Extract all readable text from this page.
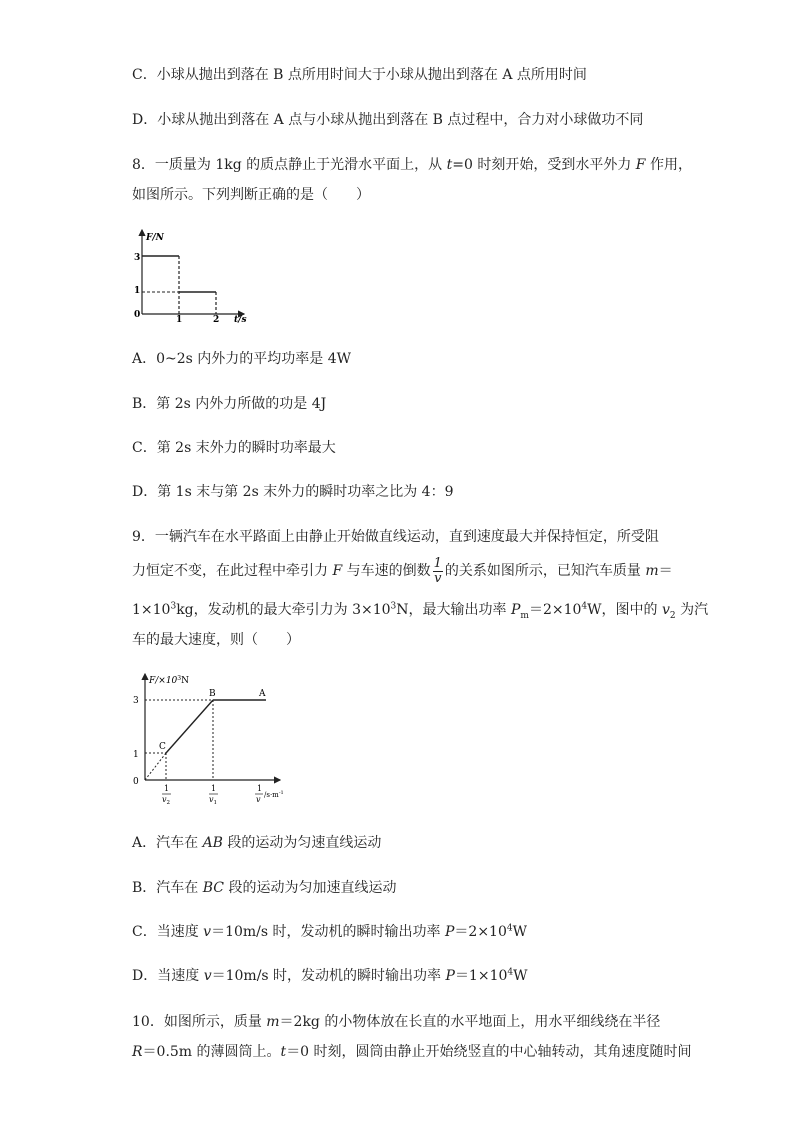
C．小球从抛出到落在 B 点所用时间大于小球从抛出到落在 A 点所用时间
D．小球从抛出到落在 A 点与小球从抛出到落在 B 点过程中，合力对小球做功不同
8．一质量为 1kg 的质点静止于光滑水平面上，从 t=0 时刻开始，受到水平外力 F 作用，
如图所示。下列判断正确的是（　　）
F/N
t/s
0	1	2
3
1
A．0~2s 内外力的平均功率是 4W
B．第 2s 内外力所做的功是 4J
C．第 2s 末外力的瞬时功率最大
D．第 1s 末与第 2s 末外力的瞬时功率之比为 4：9
9．一辆汽车在水平路面上由静止开始做直线运动，直到速度最大并保持恒定，所受阻
力恒定不变，在此过程中牵引力 F 与车速的倒数 $\frac{1}{v}$ 的关系如图所示，已知汽车质量 m＝
$1\times 10^3kg$，发动机的最大牵引力为 $3\times 10^3N$，最大输出功率 $P_m=2\times 10^4W$，图中的 $v_2$ 为汽
车的最大速度，则（　　）
$F/\times 10^3N$
3
1
0
B	A
C
1
$v_2$
1
$v_1$
1
v $/s\cdot m^{-1}$
A．汽车在 AB 段的运动为匀速直线运动
B．汽车在 BC 段的运动为匀加速直线运动
C．当速度 v＝10m/s 时，发动机的瞬时输出功率 $P=2\times 10^4W$
D．当速度 v＝10m/s 时，发动机的瞬时输出功率 $P=1\times 10^4W$
10．如图所示，质量 m＝2kg 的小物体放在长直的水平地面上，用水平细线绕在半径
R＝0.5m 的薄圆筒上。t＝0 时刻，圆筒由静止开始绕竖直的中心轴转动，其角速度随时间
